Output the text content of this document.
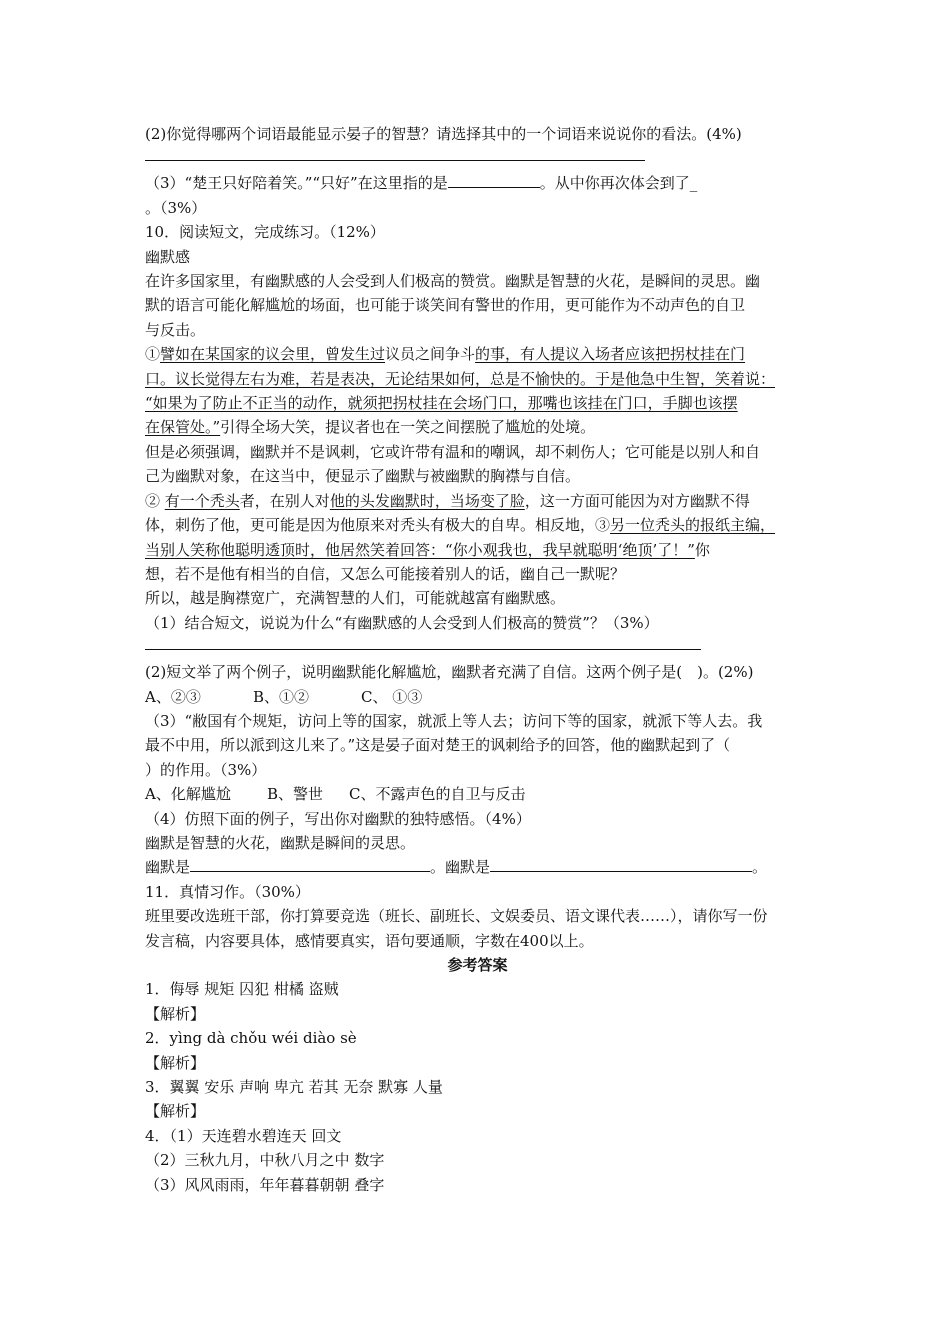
(2)你觉得哪两个词语最能显示晏子的智慧？请选择其中的一个词语来说说你的看法。(4%)
（3）“楚王只好陪着笑。”“只好”在这里指的是	。从中你再次体会到了_
。（3%）
10．阅读短文，完成练习。（12%）
幽默感
在许多国家里，有幽默感的人会受到人们极高的赞赏。幽默是智慧的火花，是瞬间的灵思。幽
默的语言可能化解尴尬的场面，也可能于谈笑间有警世的作用，更可能作为不动声色的自卫
与反击。
①譬如在某国家的议会里，曾发生过议员之间争斗的事，有人提议入场者应该把拐杖挂在门
口。议长觉得左右为难，若是表决，无论结果如何，总是不愉快的。于是他急中生智，笑着说：
“如果为了防止不正当的动作，就须把拐杖挂在会场门口，那嘴也该挂在门口，手脚也该摆
在保管处。”引得全场大笑，提议者也在一笑之间摆脱了尴尬的处境。
但是必须强调，幽默并不是讽刺，它或许带有温和的嘲讽，却不刺伤人；它可能是以别人和自
己为幽默对象，在这当中，便显示了幽默与被幽默的胸襟与自信。
② 有一个秃头者，在别人对他的头发幽默时，当场变了脸，这一方面可能因为对方幽默不得
体，刺伤了他，更可能是因为他原来对秃头有极大的自卑。相反地，③另一位秃头的报纸主编，
当别人笑称他聪明透顶时，他居然笑着回答：“你小观我也，我早就聪明‘绝顶’了！”你
想，若不是他有相当的自信，又怎么可能接着别人的话，幽自己一默呢？
所以，越是胸襟宽广，充满智慧的人们，可能就越富有幽默感。
（1）结合短文，说说为什么“有幽默感的人会受到人们极高的赞赏”？（3%）
(2)短文举了两个例子，说明幽默能化解尴尬，幽默者充满了自信。这两个例子是(　)。(2%)
A、②③	B、①②	C、 ①③
（3）“敝国有个规矩，访问上等的国家，就派上等人去；访问下等的国家，就派下等人去。我
最不中用，所以派到这儿来了。”这是晏子面对楚王的讽刺给予的回答，他的幽默起到了（
）的作用。（3%）
A、化解尴尬 B、警世 C、不露声色的自卫与反击
（4）仿照下面的例子，写出你对幽默的独特感悟。（4%）
幽默是智慧的火花，幽默是瞬间的灵思。
幽默是	。幽默是	。
11．真情习作。（30%）
班里要改选班干部，你打算要竞选（班长、副班长、文娱委员、语文课代表……），请你写一份
发言稿，内容要具体，感情要真实，语句要通顺，字数在400以上。
参考答案
1．侮辱 规矩 囚犯 柑橘 盗贼
【解析】
2．yìng dà chǒu wéi diào sè
【解析】
3．翼翼 安乐 声响 卑亢 若其 无奈 默寡 人量
【解析】
4．（1）天连碧水碧连天 回文
（2）三秋九月，中秋八月之中 数字
（3）风风雨雨，年年暮暮朝朝 叠字
